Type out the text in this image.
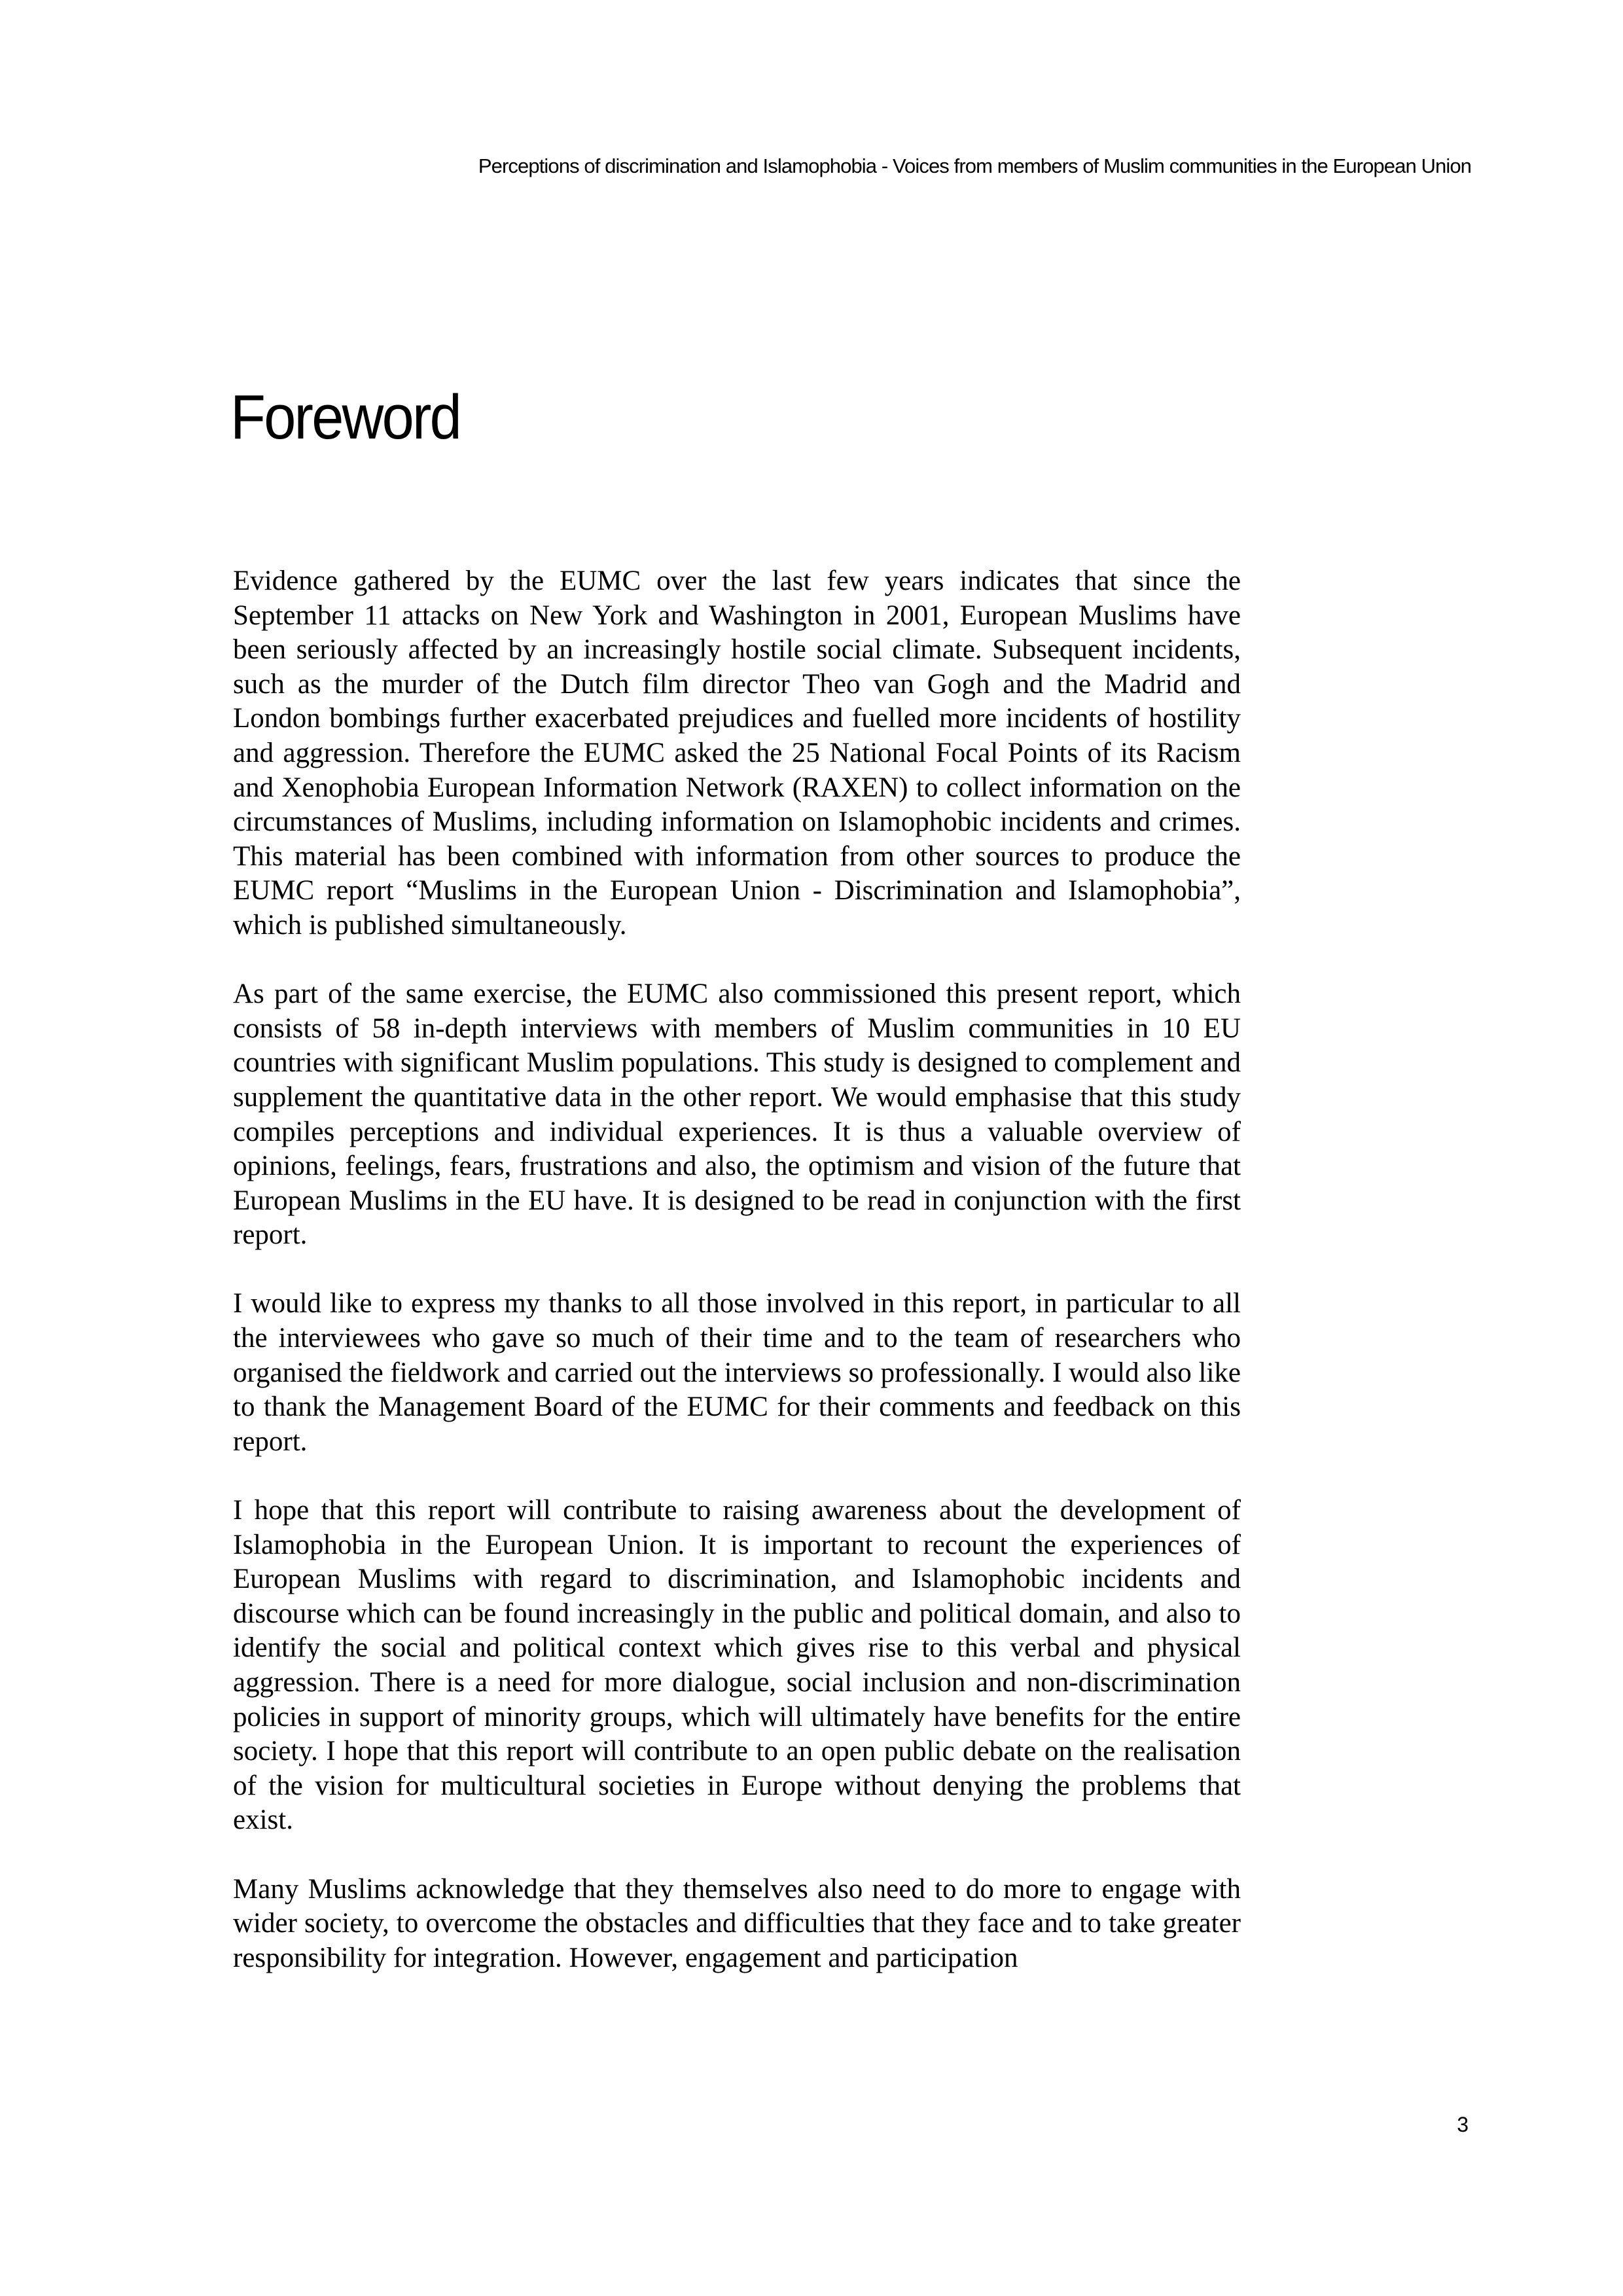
Perceptions of discrimination and Islamophobia - Voices from members of Muslim communities in the European Union
Foreword

Evidence gathered by the EUMC over the last few years indicates that since the September 11 attacks on New York and Washington in 2001, European Muslims have been seriously affected by an increasingly hostile social climate. Subsequent incidents, such as the murder of the Dutch film director Theo van Gogh and the Madrid and London bombings further exacerbated prejudices and fuelled more incidents of hostility and aggression. Therefore the EUMC asked the 25 National Focal Points of its Racism and Xenophobia European Information Network (RAXEN) to collect information on the circumstances of Muslims, including information on Islamophobic incidents and crimes. This material has been combined with information from other sources to produce the EUMC report “Muslims in the European Union - Discrimination and Islamophobia”, which is published simultaneously.

As part of the same exercise, the EUMC also commissioned this present report, which consists of 58 in-depth interviews with members of Muslim communities in 10 EU countries with significant Muslim populations. This study is designed to complement and supplement the quantitative data in the other report. We would emphasise that this study compiles perceptions and individual experiences. It is thus a valuable overview of opinions, feelings, fears, frustrations and also, the optimism and vision of the future that European Muslims in the EU have. It is designed to be read in conjunction with the first report.

I would like to express my thanks to all those involved in this report, in particular to all the interviewees who gave so much of their time and to the team of researchers who organised the fieldwork and carried out the interviews so professionally. I would also like to thank the Management Board of the EUMC for their comments and feedback on this report.

I hope that this report will contribute to raising awareness about the development of Islamophobia in the European Union. It is important to recount the experiences of European Muslims with regard to discrimination, and Islamophobic incidents and discourse which can be found increasingly in the public and political domain, and also to identify the social and political context which gives rise to this verbal and physical aggression. There is a need for more dialogue, social inclusion and non-discrimination policies in support of minority groups, which will ultimately have benefits for the entire society. I hope that this report will contribute to an open public debate on the realisation of the vision for multicultural societies in Europe without denying the problems that exist.

Many Muslims acknowledge that they themselves also need to do more to engage with wider society, to overcome the obstacles and difficulties that they face and to take greater responsibility for integration. However, engagement and participation

3
